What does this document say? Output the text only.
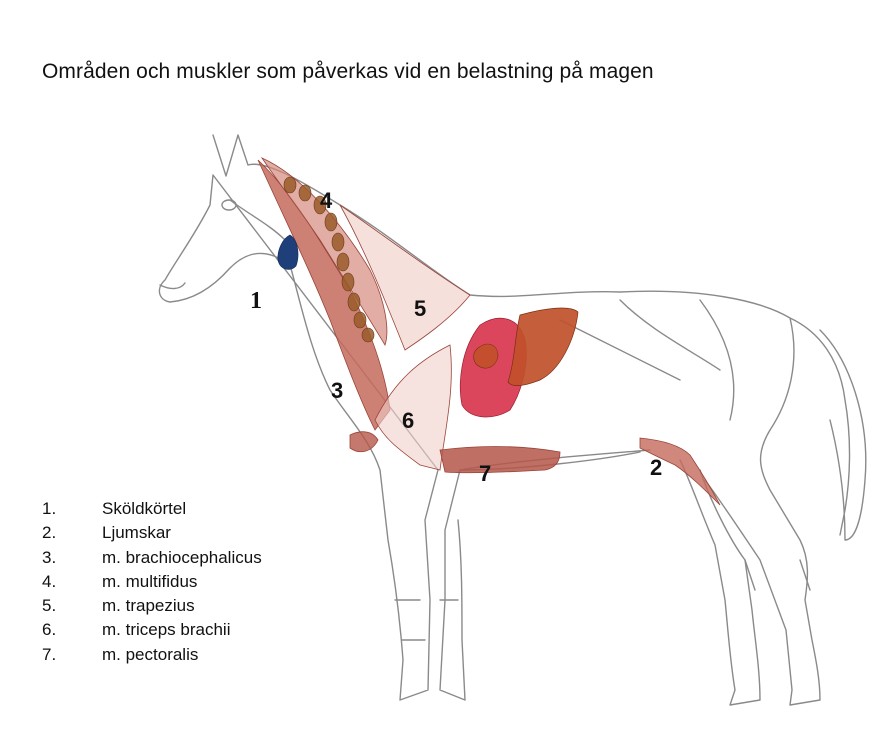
Områden och muskler som påverkas vid en belastning på magen
1
2
3
4
5
6
7
1.	Sköldkörtel
2.	Ljumskar
3.	m. brachiocephalicus
4.	m. multifidus
5.	m. trapezius
6.	m. triceps brachii
7.	m. pectoralis
